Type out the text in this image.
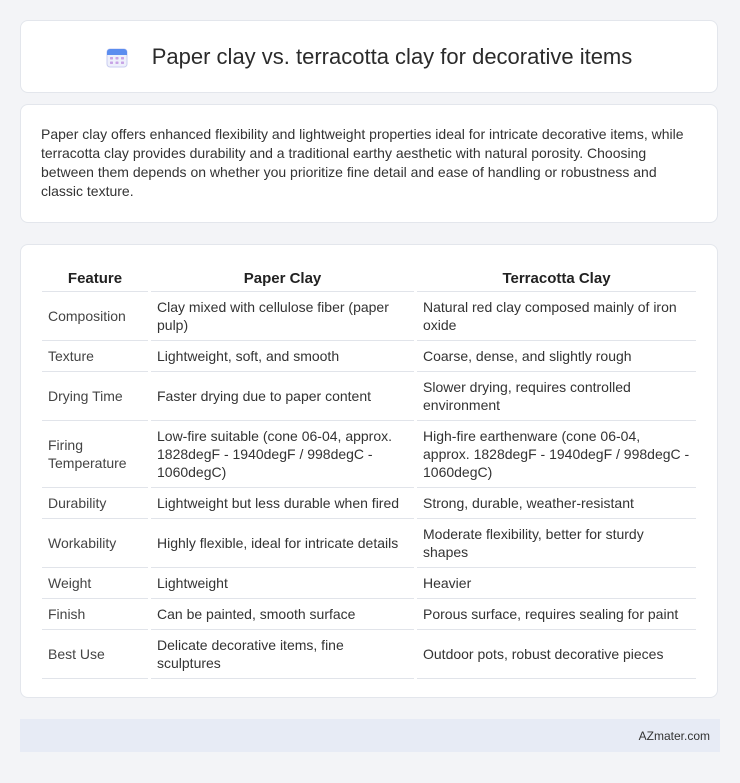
Paper clay vs. terracotta clay for decorative items

Paper clay offers enhanced flexibility and lightweight properties ideal for intricate decorative items, while terracotta clay provides durability and a traditional earthy aesthetic with natural porosity. Choosing between them depends on whether you prioritize fine detail and ease of handling or robustness and classic texture.

Feature	Paper Clay	Terracotta Clay
Composition	Clay mixed with cellulose fiber (paper pulp)	Natural red clay composed mainly of iron oxide
Texture	Lightweight, soft, and smooth	Coarse, dense, and slightly rough
Drying Time	Faster drying due to paper content	Slower drying, requires controlled environment
Firing Temperature	Low-fire suitable (cone 06-04, approx. 1828degF - 1940degF / 998degC - 1060degC)	High-fire earthenware (cone 06-04, approx. 1828degF - 1940degF / 998degC - 1060degC)
Durability	Lightweight but less durable when fired	Strong, durable, weather-resistant
Workability	Highly flexible, ideal for intricate details	Moderate flexibility, better for sturdy shapes
Weight	Lightweight	Heavier
Finish	Can be painted, smooth surface	Porous surface, requires sealing for paint
Best Use	Delicate decorative items, fine sculptures	Outdoor pots, robust decorative pieces
AZmater.com
